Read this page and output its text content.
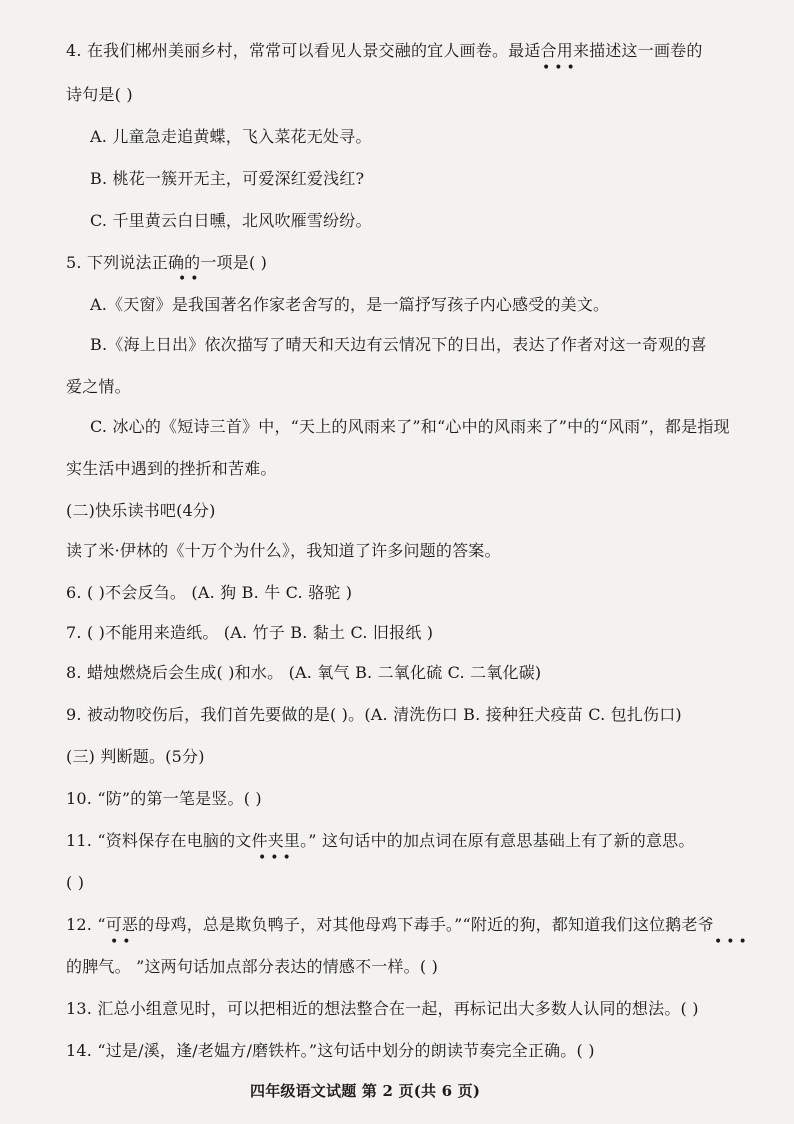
4. 在我们郴州美丽乡村，常常可以看见人景交融的宜人画卷。最适合用来描述这一画卷的
•••
诗句是( )
A. 儿童急走追黄蝶，飞入菜花无处寻。
B. 桃花一簇开无主，可爱深红爱浅红?
C. 千里黄云白日曛，北风吹雁雪纷纷。
5. 下列说法正确的一项是( )
••
A.《天窗》是我国著名作家老舍写的，是一篇抒写孩子内心感受的美文。
B.《海上日出》依次描写了晴天和天边有云情况下的日出，表达了作者对这一奇观的喜
爱之情。
C. 冰心的《短诗三首》中，“天上的风雨来了”和“心中的风雨来了”中的“风雨”，都是指现
实生活中遇到的挫折和苦难。
(二)快乐读书吧(4分)
读了米·伊林的《十万个为什么》，我知道了许多问题的答案。
6. ( )不会反刍。 (A. 狗 B. 牛 C. 骆驼 )
7. ( )不能用来造纸。 (A. 竹子 B. 黏土 C. 旧报纸 )
8. 蜡烛燃烧后会生成( )和水。 (A. 氧气 B. 二氧化硫 C. 二氧化碳)
9. 被动物咬伤后，我们首先要做的是( )。(A. 清洗伤口 B. 接种狂犬疫苗 C. 包扎伤口)
(三) 判断题。(5分)
10. “防”的第一笔是竖。( )
11. “资料保存在电脑的文件夹里。” 这句话中的加点词在原有意思基础上有了新的意思。
•••
( )
12. “可恶的母鸡，总是欺负鸭子，对其他母鸡下毒手。”“附近的狗，都知道我们这位鹅老爷
••	•••
的脾气。 ”这两句话加点部分表达的情感不一样。( )
13. 汇总小组意见时，可以把相近的想法整合在一起，再标记出大多数人认同的想法。( )
14. “过是/溪，逢/老媪方/磨铁杵。”这句话中划分的朗读节奏完全正确。( )
四年级语文试题 第 2 页(共 6 页)
